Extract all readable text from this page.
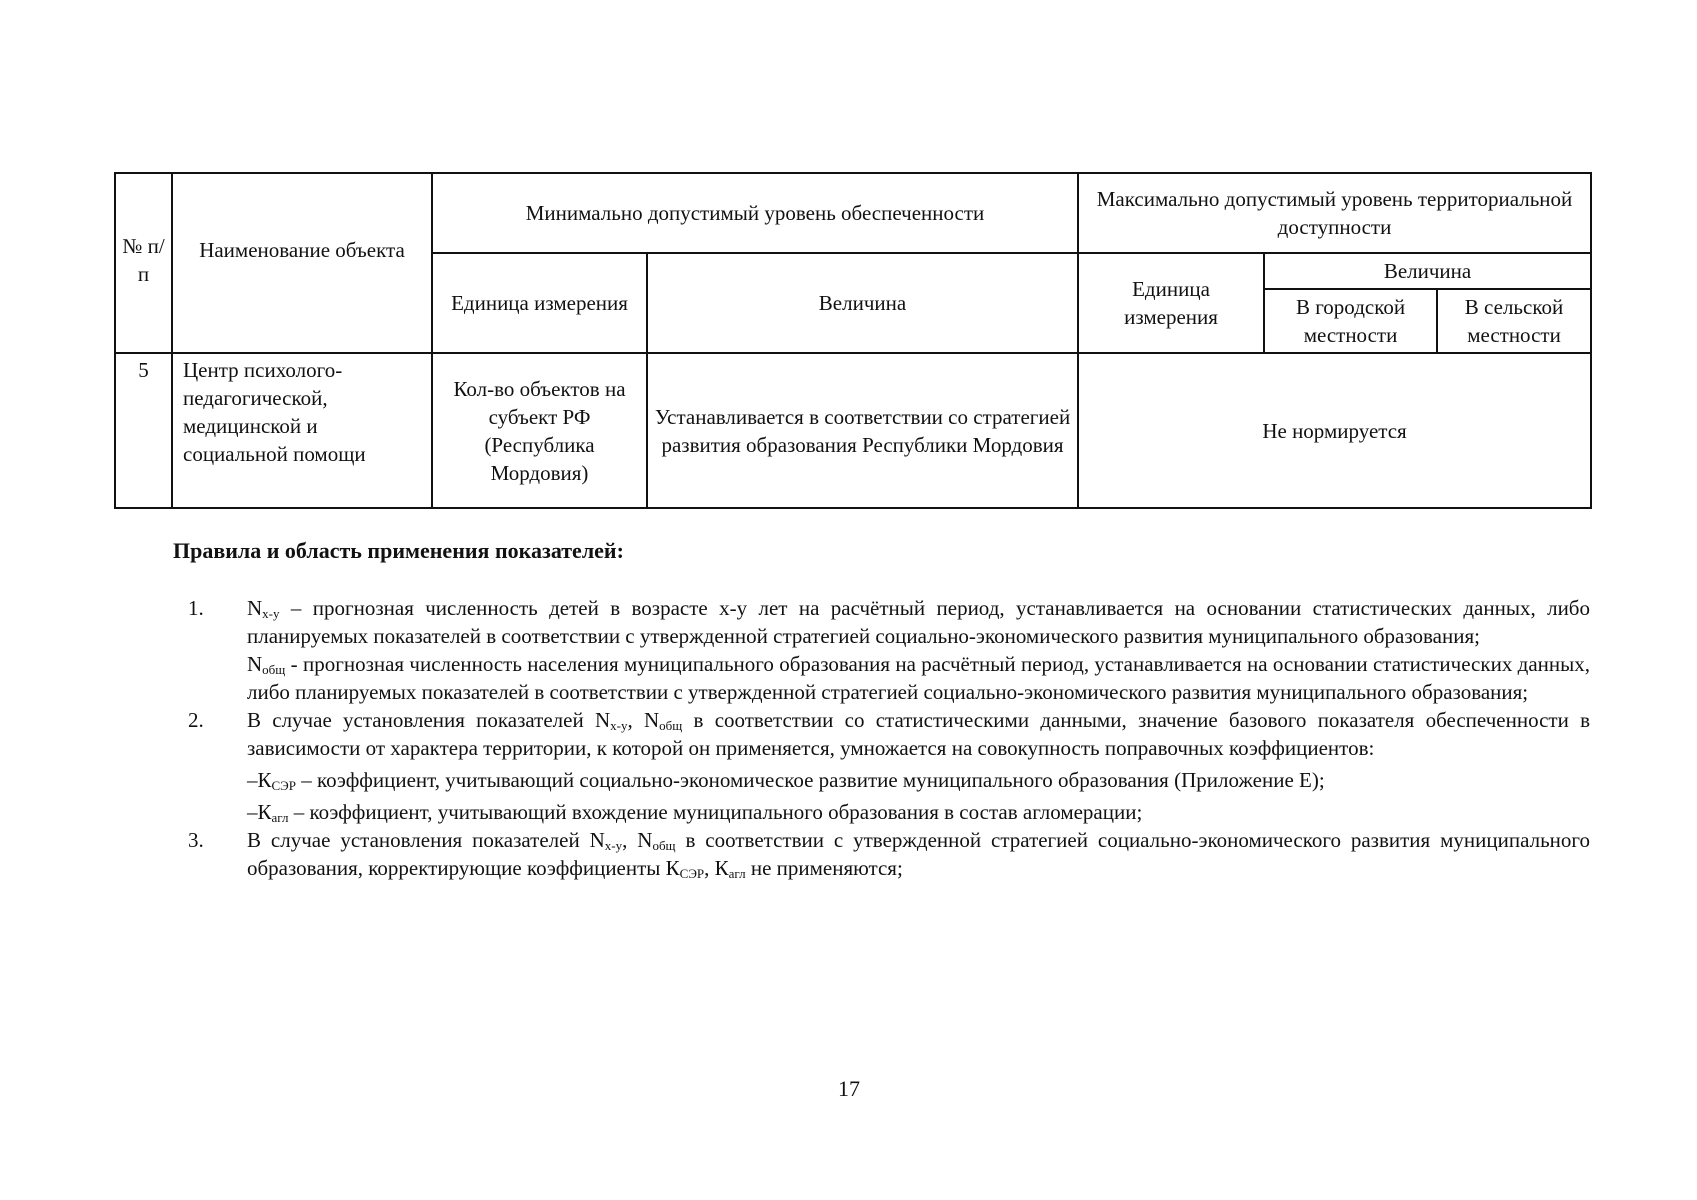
№ п/п	Наименование объекта	Минимально допустимый уровень обеспеченности		Максимально допустимый уровень территориальной доступности		
		Единица измерения	Величина	Единица измерения	Величина	
					В городской местности	В сельской местности
5	Центр психолого-педагогической, медицинской и социальной помощи	Кол-во объектов на субъект РФ (Республика Мордовия)	Устанавливается в соответствии со стратегией развития образования Республики Мордовия	Не нормируется		
Правила и область применения показателей:
1. $N_{х-у}$ – прогнозная численность детей в возрасте х-у лет на расчётный период, устанавливается на основании статистических данных, либо планируемых показателей в соответствии с утвержденной стратегией социально-экономического развития муниципального образования;
$N_{общ}$ - прогнозная численность населения муниципального образования на расчётный период, устанавливается на основании статистических данных, либо планируемых показателей в соответствии с утвержденной стратегией социально-экономического развития муниципального образования;
2. В случае установления показателей $N_{х-у}$, $N_{общ}$ в соответствии со статистическими данными, значение базового показателя обеспеченности в зависимости от характера территории, к которой он применяется, умножается на совокупность поправочных коэффициентов:
$-К_{СЭР}$ – коэффициент, учитывающий социально-экономическое развитие муниципального образования (Приложение Е);
$-К_{агл}$ – коэффициент, учитывающий вхождение муниципального образования в состав агломерации;
3. В случае установления показателей $N_{х-у}$, $N_{общ}$ в соответствии с утвержденной стратегией социально-экономического развития муниципального образования, корректирующие коэффициенты $К_{СЭР}$, $К_{агл}$ не применяются;
17
